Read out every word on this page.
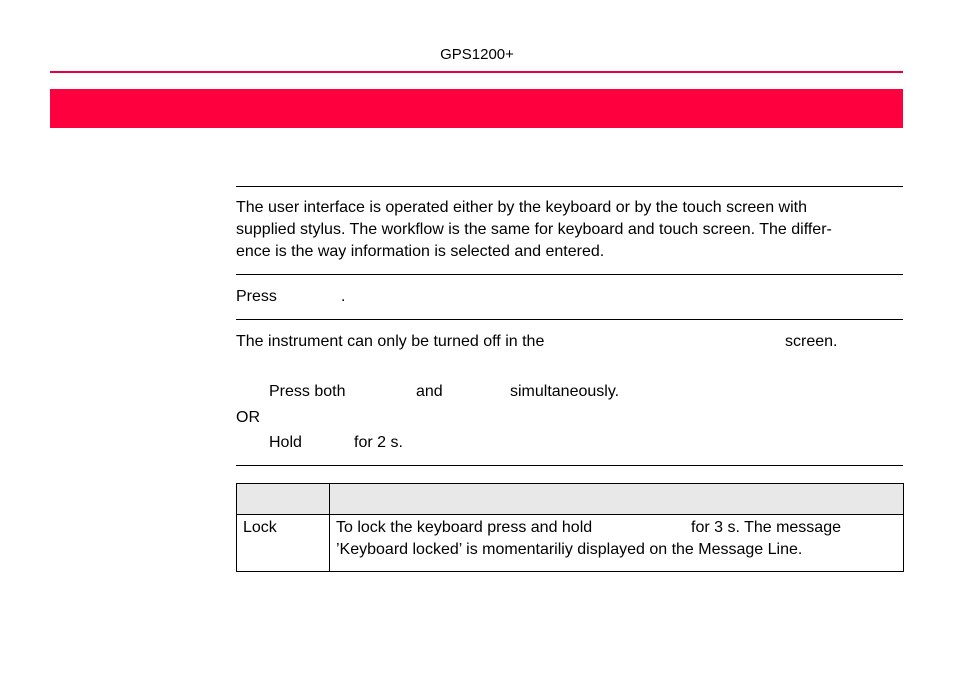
GPS1200+
The user interface is operated either by the keyboard or by the touch screen with
supplied stylus. The workflow is the same for keyboard and touch screen. The differ-
ence is the way information is selected and entered.
Press	.
The instrument can only be turned off in the	screen.
Press both	and	simultaneously.
OR
Hold	for 2 s.

Lock	To lock the keyboard press and hold for 3 s. The message
’Keyboard locked’ is momentariliy displayed on the Message Line.
